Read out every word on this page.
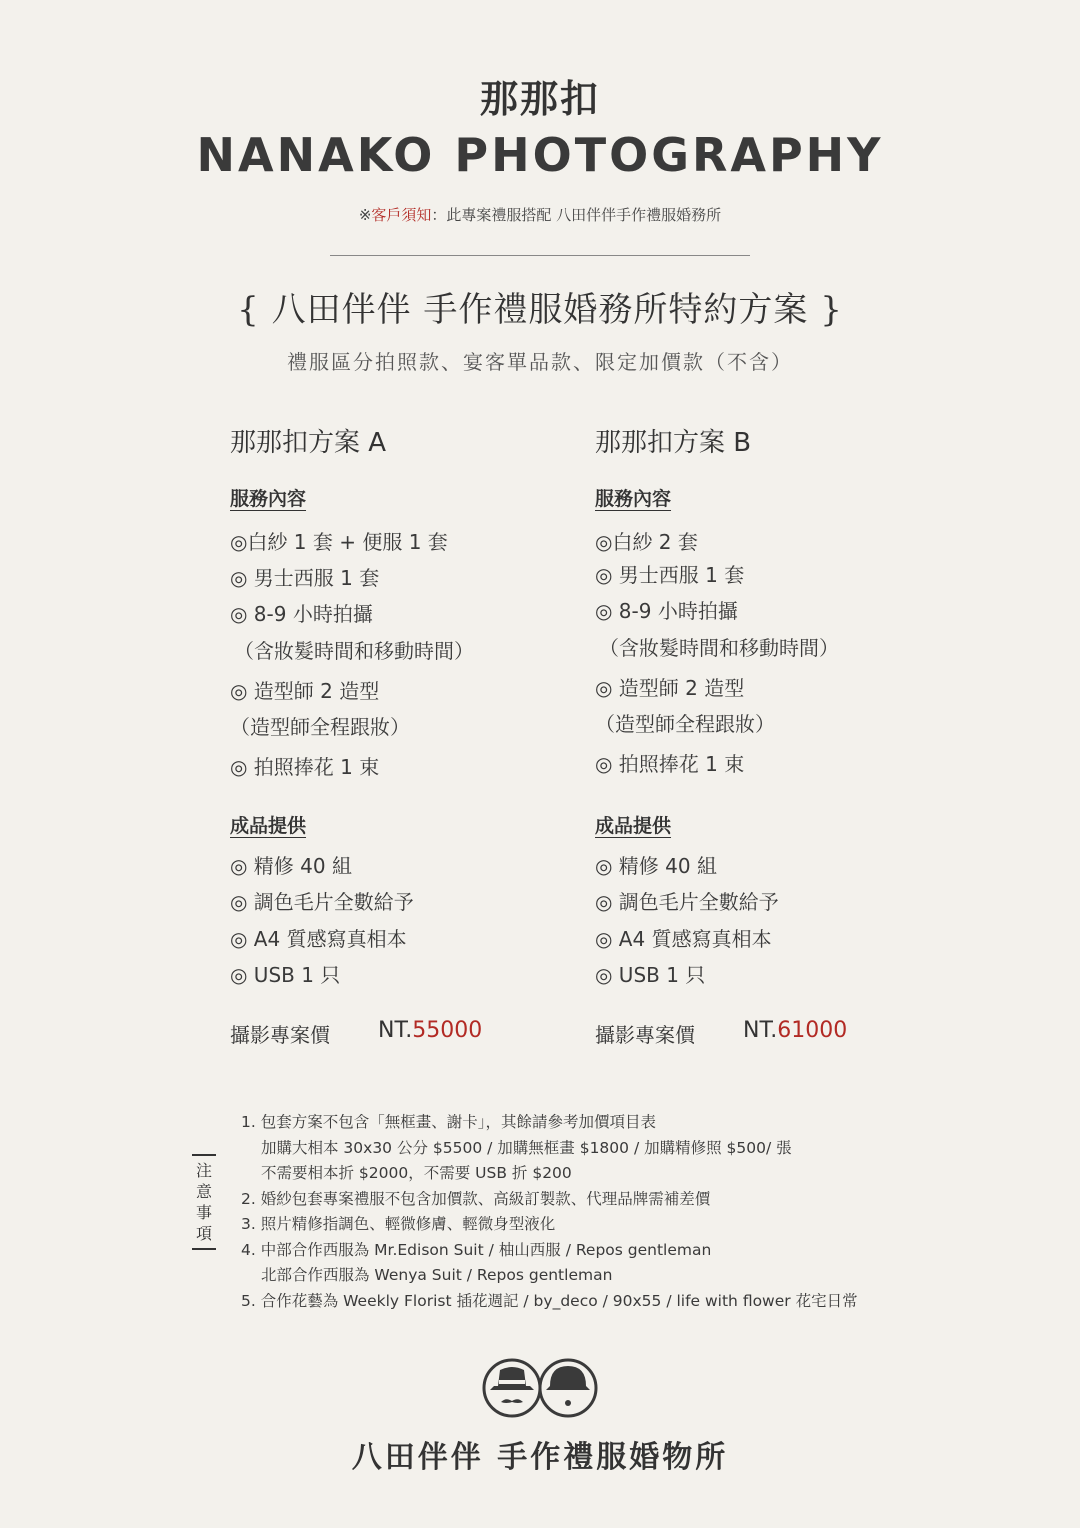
那那扣
NANAKO PHOTOGRAPHY
※客戶須知：此專案禮服搭配 八田伴伴手作禮服婚務所
{ 八田伴伴 手作禮服婚務所特約方案 }
禮服區分拍照款、宴客單品款、限定加價款（不含）
那那扣方案 A
服務內容
◎白紗 1 套 + 便服 1 套
◎ 男士西服 1 套
◎ 8-9 小時拍攝
（含妝髮時間和移動時間）
◎ 造型師 2 造型
（造型師全程跟妝）
◎ 拍照捧花 1 束
成品提供
◎ 精修 40 組
◎ 調色毛片全數給予
◎ A4 質感寫真相本
◎ USB 1 只
攝影專案價 NT.55000
那那扣方案 B
服務內容
◎白紗 2 套
◎ 男士西服 1 套
◎ 8-9 小時拍攝
（含妝髮時間和移動時間）
◎ 造型師 2 造型
（造型師全程跟妝）
◎ 拍照捧花 1 束
成品提供
◎ 精修 40 組
◎ 調色毛片全數給予
◎ A4 質感寫真相本
◎ USB 1 只
攝影專案價 NT.61000
注意事項
1. 包套方案不包含「無框畫、謝卡」，其餘請參考加價項目表
加購大相本 30x30 公分 $5500 / 加購無框畫 $1800 / 加購精修照 $500/ 張
不需要相本折 $2000，不需要 USB 折 $200
2. 婚紗包套專案禮服不包含加價款、高級訂製款、代理品牌需補差價
3. 照片精修指調色、輕微修膚、輕微身型液化
4. 中部合作西服為 Mr.Edison Suit / 柚山西服 / Repos gentleman
北部合作西服為 Wenya Suit / Repos gentleman
5. 合作花藝為 Weekly Florist 插花週記 / by_deco / 90x55 / life with flower 花宅日常
八田伴伴 手作禮服婚物所
